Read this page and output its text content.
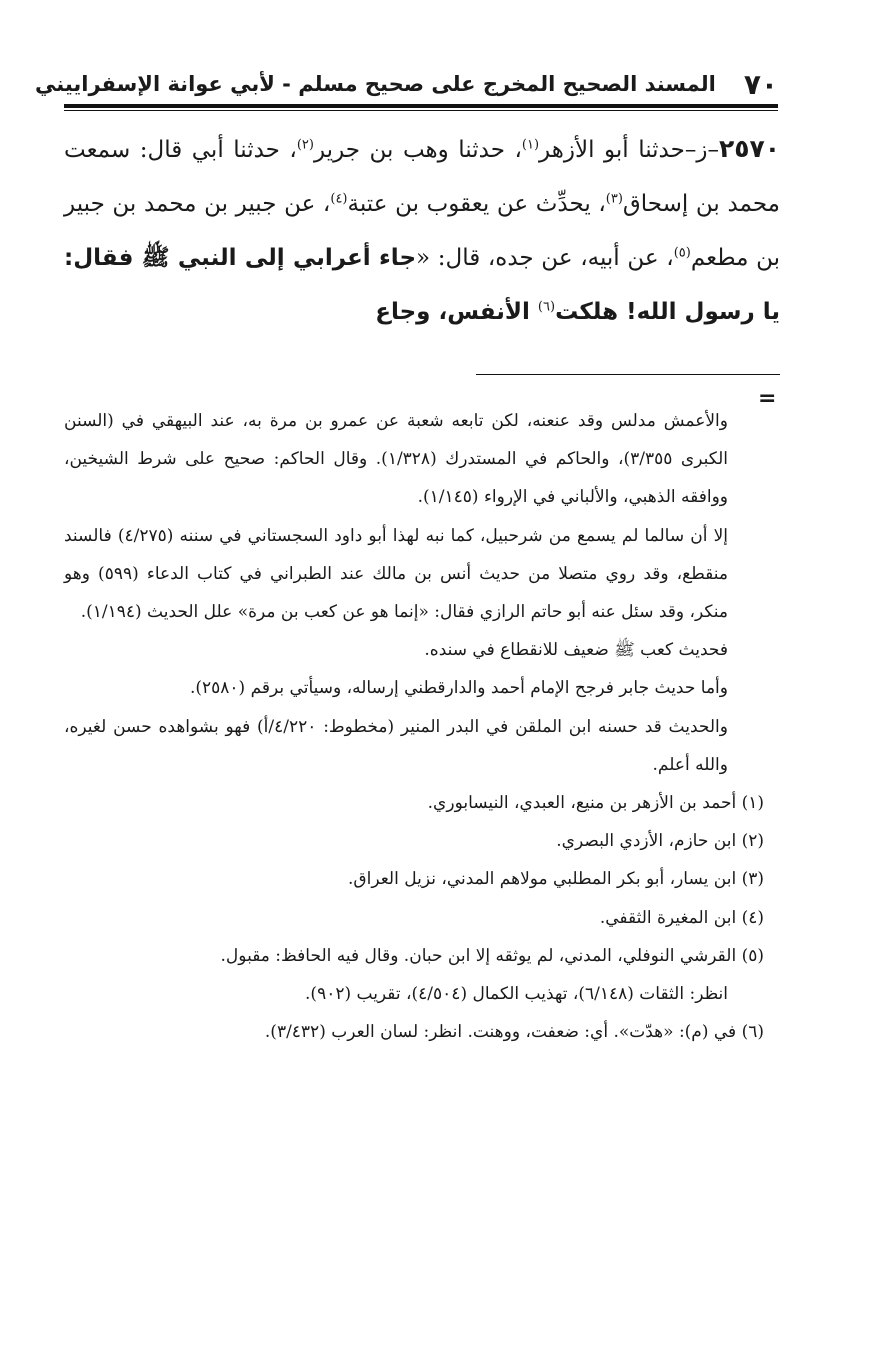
٧٠
المسند الصحيح المخرج على صحيح مسلم - لأبي عوانة الإسفراييني
٢٥٧٠–ز–حدثنا أبو الأزهر$^{(١)}$، حدثنا وهب بن جرير$^{(٢)}$، حدثنا أبي قال: سمعت محمد بن إسحاق$^{(٣)}$، يحدِّث عن يعقوب بن عتبة$^{(٤)}$، عن جبير بن محمد بن جبير بن مطعم$^{(٥)}$، عن أبيه، عن جده، قال: «جاء أعرابي إلى النبي ﷺ فقال: يا رسول الله! هلكت$^{(٦)}$ الأنفس، وجاع
=

والأعمش مدلس وقد عنعنه، لكن تابعه شعبة عن عمرو بن مرة به، عند البيهقي في (السنن الكبرى ٣/٣٥٥)، والحاكم في المستدرك (١/٣٢٨). وقال الحاكم: صحيح على شرط الشيخين، ووافقه الذهبي، والألباني في الإرواء (١/١٤٥).

إلا أن سالما لم يسمع من شرحبيل، كما نبه لهذا أبو داود السجستاني في سننه (٤/٢٧٥) فالسند منقطع، وقد روي متصلا من حديث أنس بن مالك عند الطبراني في كتاب الدعاء (٥٩٩) وهو منكر، وقد سئل عنه أبو حاتم الرازي فقال: «إنما هو عن كعب بن مرة» علل الحديث (١/١٩٤).

فحديث كعب ﷺ ضعيف للانقطاع في سنده.

وأما حديث جابر فرجح الإمام أحمد والدارقطني إرساله، وسيأتي برقم (٢٥٨٠).

والحديث قد حسنه ابن الملقن في البدر المنير (مخطوط: ٤/٢٢٠/أ) فهو بشواهده حسن لغيره، والله أعلم.

(١) أحمد بن الأزهر بن منيع، العبدي، النيسابوري.

(٢) ابن حازم، الأزدي البصري.

(٣) ابن يسار، أبو بكر المطلبي مولاهم المدني، نزيل العراق.

(٤) ابن المغيرة الثقفي.

(٥) القرشي النوفلي، المدني، لم يوثقه إلا ابن حبان. وقال فيه الحافظ: مقبول.

انظر: الثقات (٦/١٤٨)، تهذيب الكمال (٤/٥٠٤)، تقريب (٩٠٢).

(٦) في (م): «هدّت». أي: ضعفت، ووهنت. انظر: لسان العرب (٣/٤٣٢).
